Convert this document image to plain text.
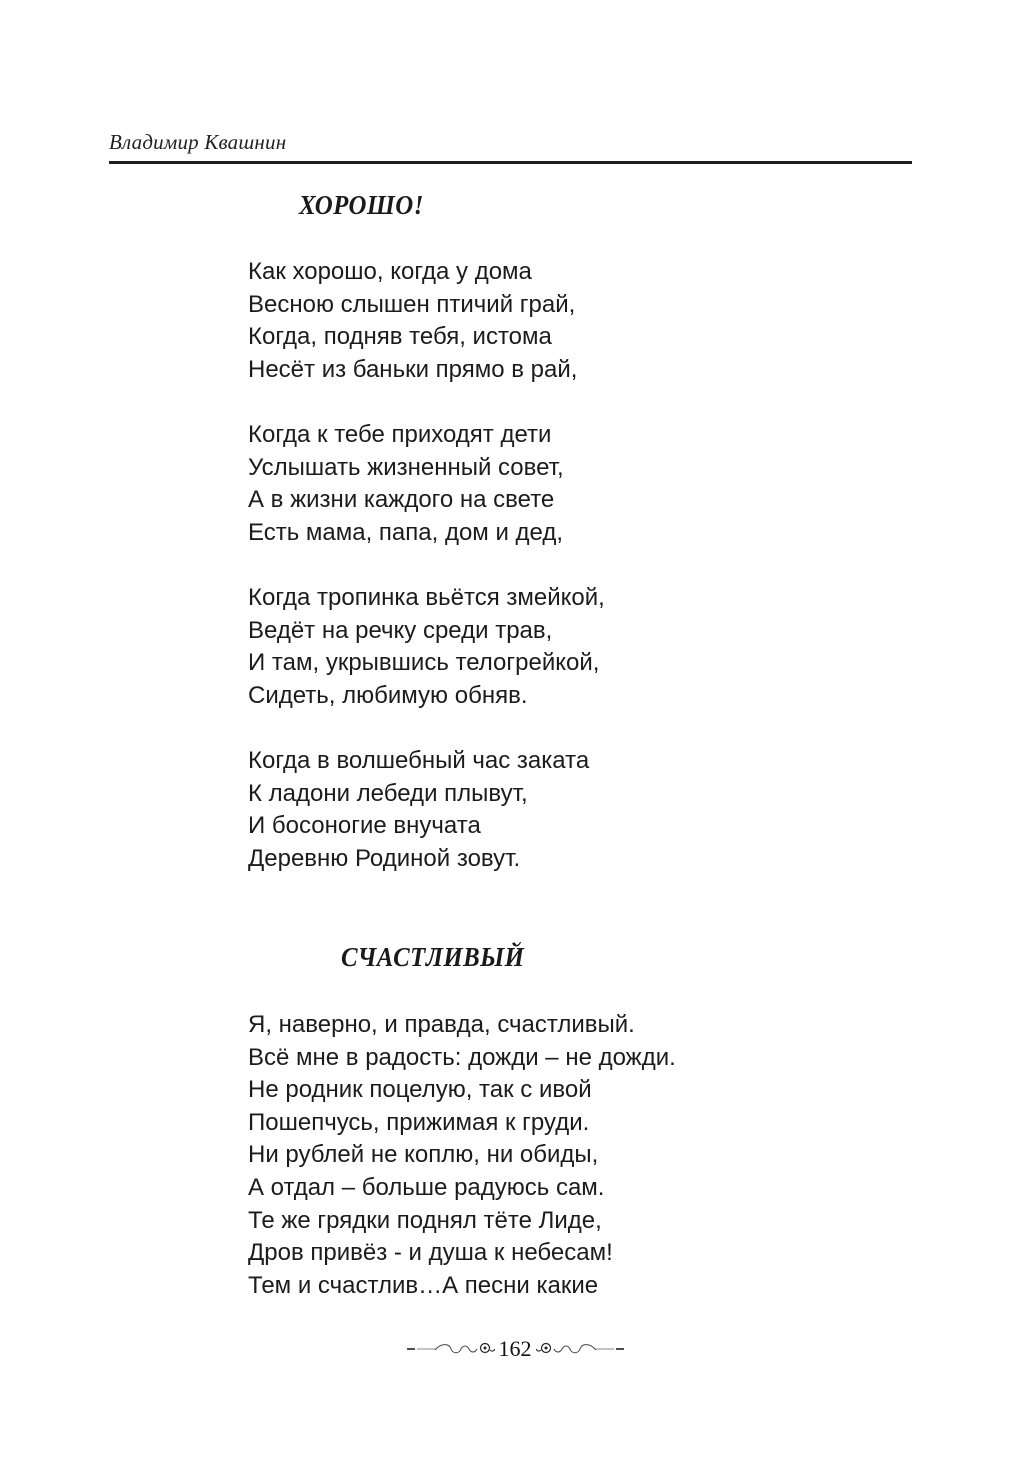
Владимир Квашнин
ХОРОШО!
Как хорошо, когда у дома
Весною слышен птичий грай,
Когда, подняв тебя, истома
Несёт из баньки прямо в рай,
Когда к тебе приходят дети
Услышать жизненный совет,
А в жизни каждого на свете
Есть мама, папа, дом и дед,
Когда тропинка вьётся змейкой,
Ведёт на речку среди трав,
И там, укрывшись телогрейкой,
Сидеть, любимую обняв.
Когда в волшебный час заката
К ладони лебеди плывут,
И босоногие внучата
Деревню Родиной зовут.
СЧАСТЛИВЫЙ
Я, наверно, и правда, счастливый.
Всё мне в радость: дожди – не дожди.
Не родник поцелую, так с ивой
Пошепчусь, прижимая к груди.
Ни рублей не коплю, ни обиды,
А отдал – больше радуюсь сам.
Те же грядки поднял тёте Лиде,
Дров привёз - и душа к небесам!
Тем и счастлив…А песни какие
162
